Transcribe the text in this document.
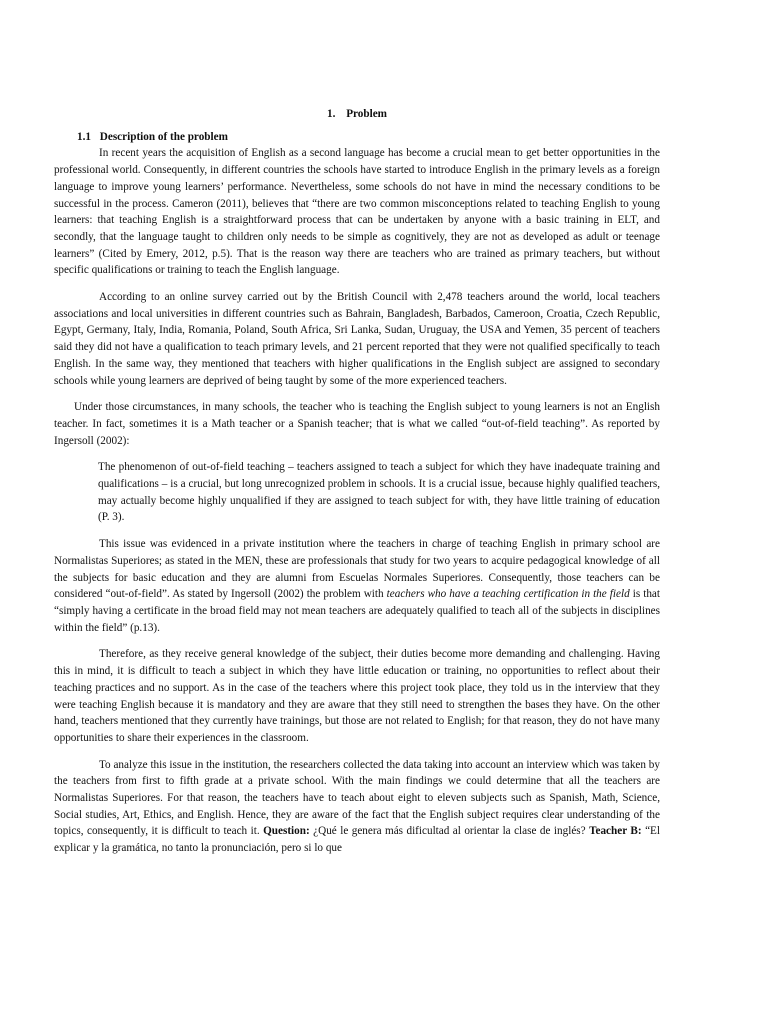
1. Problem
1.1 Description of the problem

In recent years the acquisition of English as a second language has become a crucial mean to get better opportunities in the professional world. Consequently, in different countries the schools have started to introduce English in the primary levels as a foreign language to improve young learners’ performance. Nevertheless, some schools do not have in mind the necessary conditions to be successful in the process. Cameron (2011), believes that “there are two common misconceptions related to teaching English to young learners: that teaching English is a straightforward process that can be undertaken by anyone with a basic training in ELT, and secondly, that the language taught to children only needs to be simple as cognitively, they are not as developed as adult or teenage learners” (Cited by Emery, 2012, p.5). That is the reason way there are teachers who are trained as primary teachers, but without specific qualifications or training to teach the English language.

According to an online survey carried out by the British Council with 2,478 teachers around the world, local teachers associations and local universities in different countries such as Bahrain, Bangladesh, Barbados, Cameroon, Croatia, Czech Republic, Egypt, Germany, Italy, India, Romania, Poland, South Africa, Sri Lanka, Sudan, Uruguay, the USA and Yemen, 35 percent of teachers said they did not have a qualification to teach primary levels, and 21 percent reported that they were not qualified specifically to teach English. In the same way, they mentioned that teachers with higher qualifications in the English subject are assigned to secondary schools while young learners are deprived of being taught by some of the more experienced teachers.

Under those circumstances, in many schools, the teacher who is teaching the English subject to young learners is not an English teacher. In fact, sometimes it is a Math teacher or a Spanish teacher; that is what we called “out-of-field teaching”. As reported by Ingersoll (2002):

The phenomenon of out-of-field teaching – teachers assigned to teach a subject for which they have inadequate training and qualifications – is a crucial, but long unrecognized problem in schools. It is a crucial issue, because highly qualified teachers, may actually become highly unqualified if they are assigned to teach subject for with, they have little training of education (P. 3).

This issue was evidenced in a private institution where the teachers in charge of teaching English in primary school are Normalistas Superiores; as stated in the MEN, these are professionals that study for two years to acquire pedagogical knowledge of all the subjects for basic education and they are alumni from Escuelas Normales Superiores. Consequently, those teachers can be considered “out-of-field”. As stated by Ingersoll (2002) the problem with teachers who have a teaching certification in the field is that “simply having a certificate in the broad field may not mean teachers are adequately qualified to teach all of the subjects in disciplines within the field” (p.13).

Therefore, as they receive general knowledge of the subject, their duties become more demanding and challenging. Having this in mind, it is difficult to teach a subject in which they have little education or training, no opportunities to reflect about their teaching practices and no support. As in the case of the teachers where this project took place, they told us in the interview that they were teaching English because it is mandatory and they are aware that they still need to strengthen the bases they have. On the other hand, teachers mentioned that they currently have trainings, but those are not related to English; for that reason, they do not have many opportunities to share their experiences in the classroom.

To analyze this issue in the institution, the researchers collected the data taking into account an interview which was taken by the teachers from first to fifth grade at a private school. With the main findings we could determine that all the teachers are Normalistas Superiores. For that reason, the teachers have to teach about eight to eleven subjects such as Spanish, Math, Science, Social studies, Art, Ethics, and English. Hence, they are aware of the fact that the English subject requires clear understanding of the topics, consequently, it is difficult to teach it. Question: ¿Qué le genera más dificultad al orientar la clase de inglés? Teacher B: “El explicar y la gramática, no tanto la pronunciación, pero si lo que
